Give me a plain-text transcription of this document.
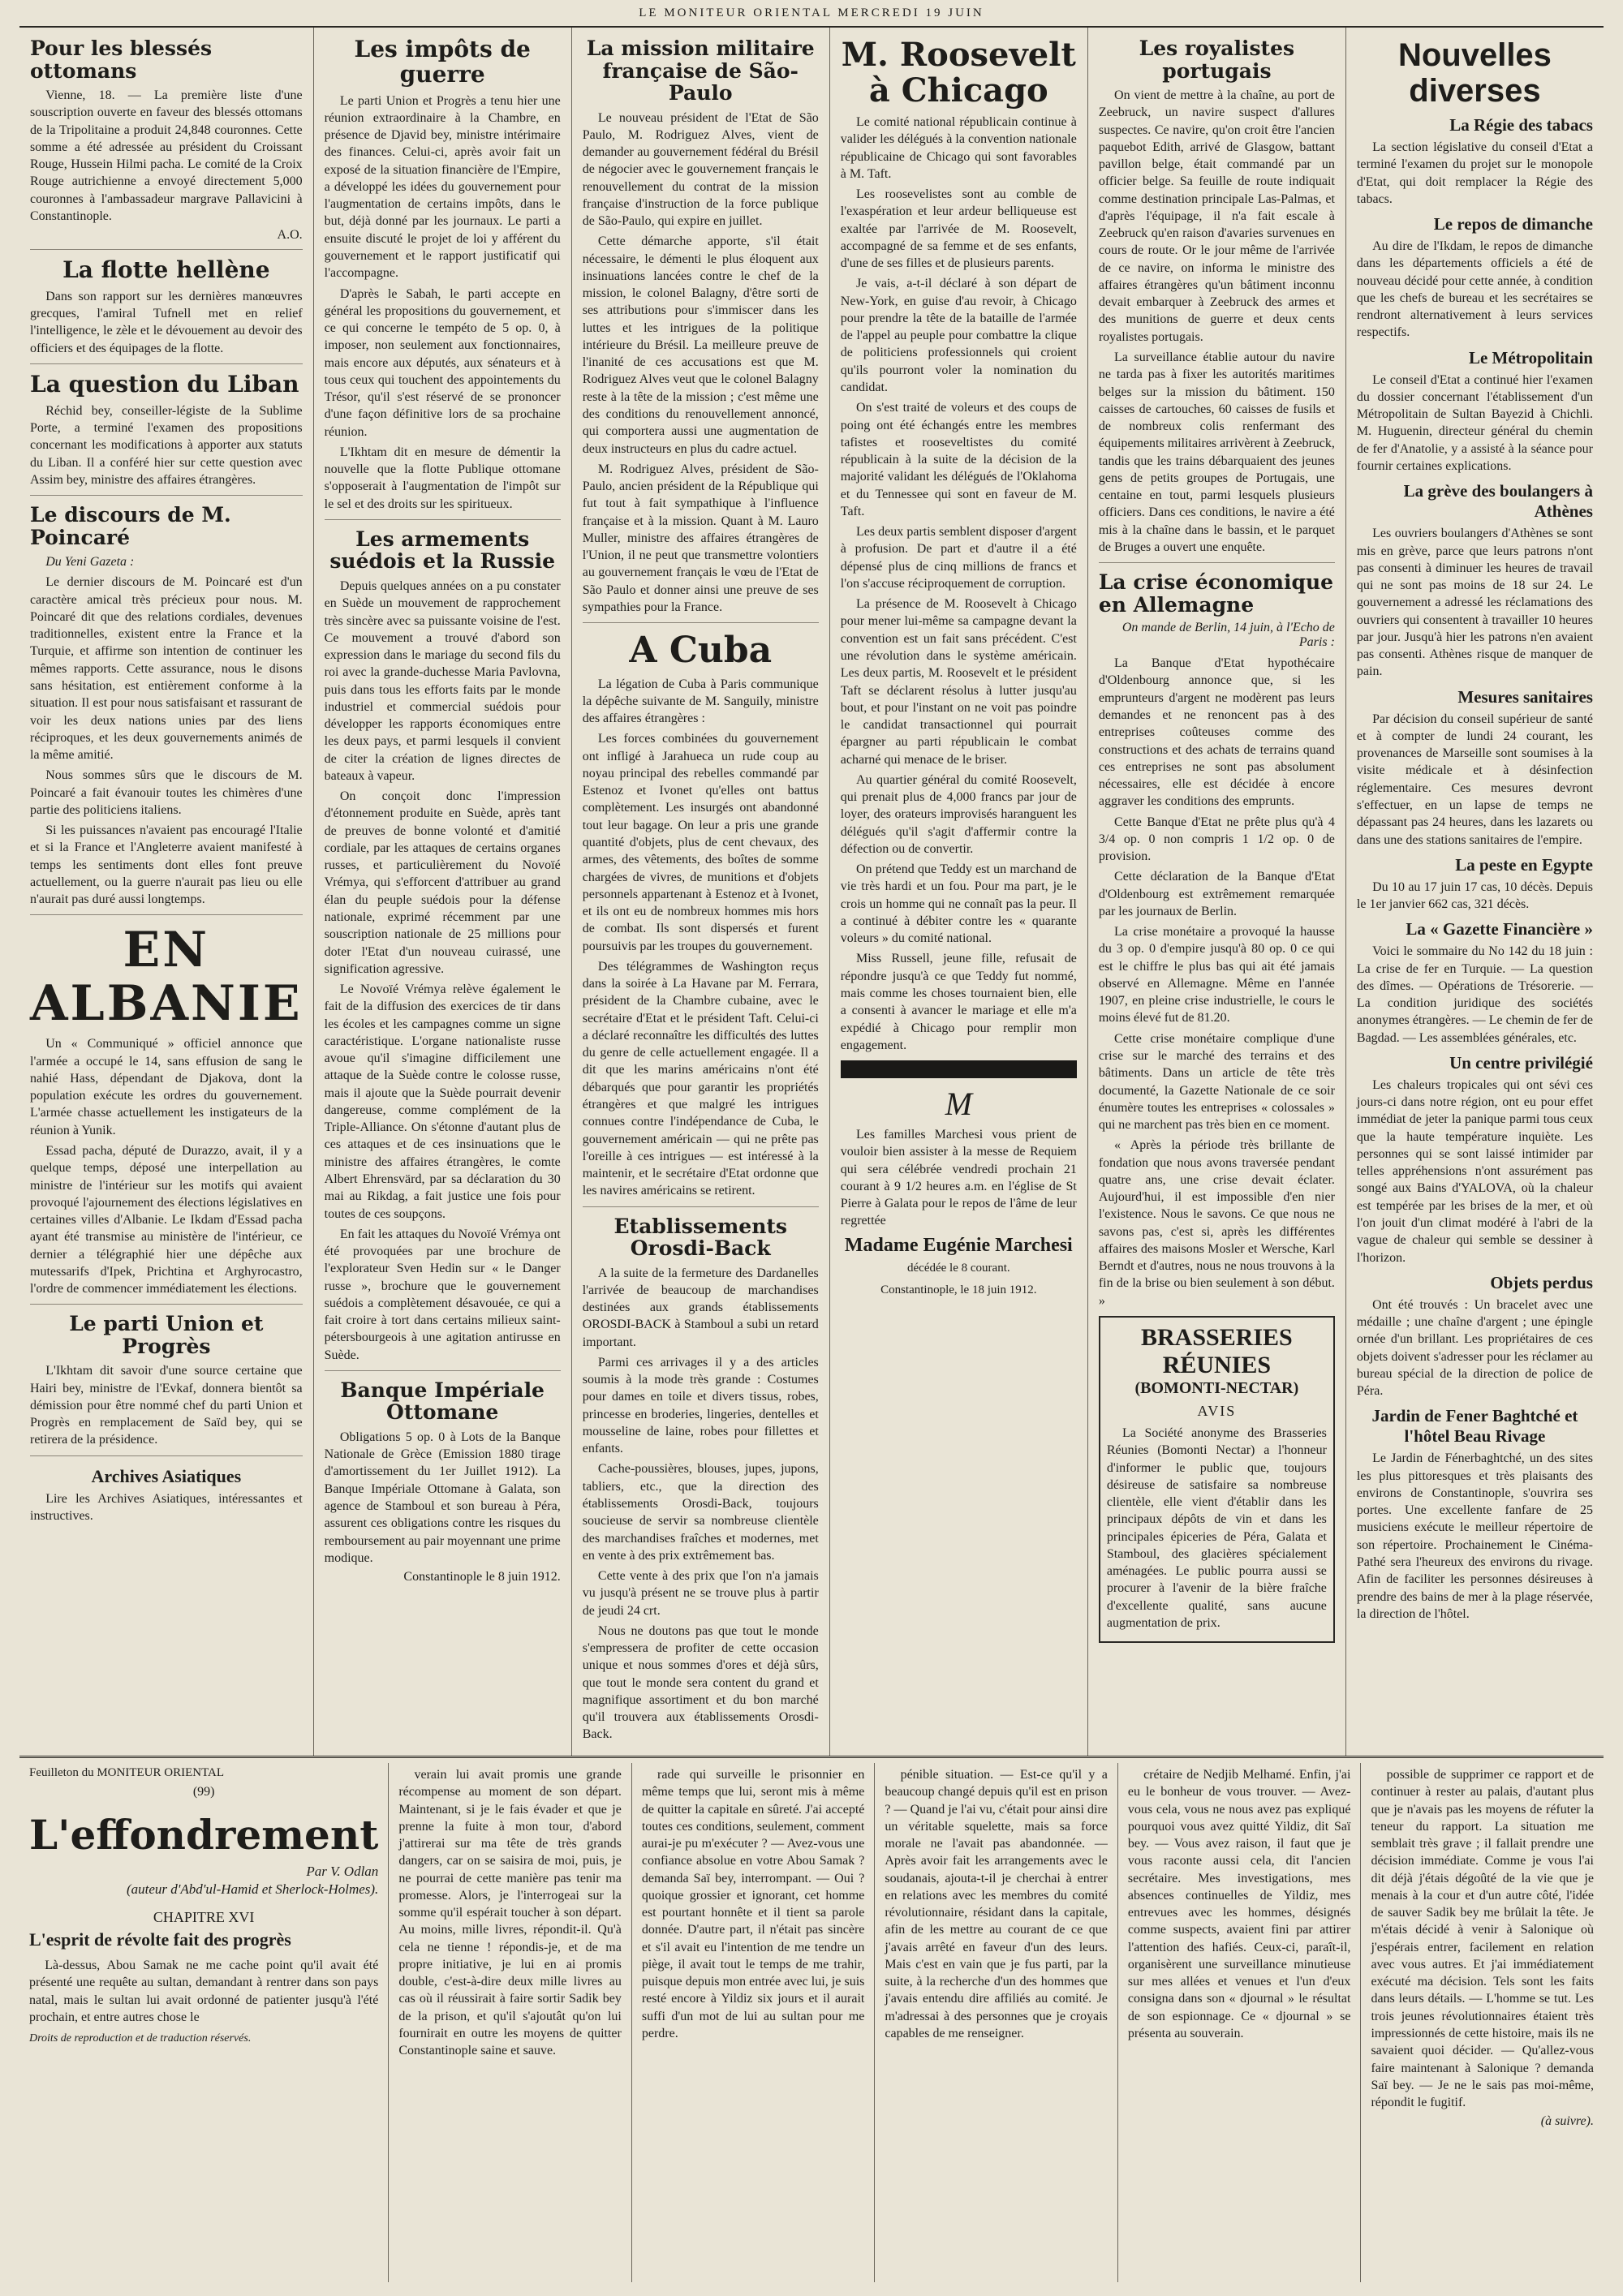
LE MONITEUR ORIENTAL MERCREDI 19 JUIN
Pour les blessés ottomans

Vienne, 18. — La première liste d'une souscription ouverte en faveur des blessés ottomans de la Tripolitaine a produit 24,848 couronnes. Cette somme a été adressée au président du Croissant Rouge, Hussein Hilmi pacha. Le comité de la Croix Rouge autrichienne a envoyé directement 5,000 couronnes à l'ambassadeur margrave Pallavicini à Constantinople.

A.O.
La flotte hellène

Dans son rapport sur les dernières manœuvres grecques, l'amiral Tufnell met en relief l'intelligence, le zèle et le dévouement au devoir des officiers et des équipages de la flotte.

La question du Liban

Réchid bey, conseiller-légiste de la Sublime Porte, a terminé l'examen des propositions concernant les modifications à apporter aux statuts du Liban. Il a conféré hier sur cette question avec Assim bey, ministre des affaires étrangères.

Le discours de M. Poincaré

Du Yeni Gazeta :

Le dernier discours de M. Poincaré est d'un caractère amical très précieux pour nous. M. Poincaré dit que des relations cordiales, devenues traditionnelles, existent entre la France et la Turquie, et affirme son intention de continuer les mêmes rapports. Cette assurance, nous le disons sans hésitation, est entièrement conforme à la situation. Il est pour nous satisfaisant et rassurant de voir les deux nations unies par des liens réciproques, et les deux gouvernements animés de la même amitié.

Nous sommes sûrs que le discours de M. Poincaré a fait évanouir toutes les chimères d'une partie des politiciens italiens.

Si les puissances n'avaient pas encouragé l'Italie et si la France et l'Angleterre avaient manifesté à temps les sentiments dont elles font preuve actuellement, ou la guerre n'aurait pas lieu ou elle n'aurait pas duré aussi longtemps.

EN ALBANIE

Un « Communiqué » officiel annonce que l'armée a occupé le 14, sans effusion de sang le nahié Hass, dépendant de Djakova, dont la population exécute les ordres du gouvernement. L'armée chasse actuellement les instigateurs de la réunion à Yunik.

Essad pacha, député de Durazzo, avait, il y a quelque temps, déposé une interpellation au ministre de l'intérieur sur les motifs qui avaient provoqué l'ajournement des élections législatives en certaines villes d'Albanie. Le Ikdam d'Essad pacha ayant été transmise au ministère de l'intérieur, ce dernier a télégraphié hier une dépêche aux mutessarifs d'Ipek, Prichtina et Arghyrocastro, l'ordre de commencer immédiatement les élections.

Le parti Union et Progrès

L'Ikhtam dit savoir d'une source certaine que Hairi bey, ministre de l'Evkaf, donnera bientôt sa démission pour être nommé chef du parti Union et Progrès en remplacement de Saïd bey, qui se retirera de la présidence.

Archives Asiatiques

Lire les Archives Asiatiques, intéressantes et instructives.

Les impôts de guerre

Le parti Union et Progrès a tenu hier une réunion extraordinaire à la Chambre, en présence de Djavid bey, ministre intérimaire des finances. Celui-ci, après avoir fait un exposé de la situation financière de l'Empire, a développé les idées du gouvernement pour l'augmentation de certains impôts, dans le but, déjà donné par les journaux. Le parti a ensuite discuté le projet de loi y afférent du gouvernement et le rapport justificatif qui l'accompagne.

D'après le Sabah, le parti accepte en général les propositions du gouvernement, et ce qui concerne le tempéto de 5 op. 0, à imposer, non seulement aux fonctionnaires, mais encore aux députés, aux sénateurs et à tous ceux qui touchent des appointements du Trésor, qu'il s'est réservé de se prononcer d'une façon définitive lors de sa prochaine réunion.

L'Ikhtam dit en mesure de démentir la nouvelle que la flotte Publique ottomane s'opposerait à l'augmentation de l'impôt sur le sel et des droits sur les spiritueux.

Les armements suédois et la Russie

Depuis quelques années on a pu constater en Suède un mouvement de rapprochement très sincère avec sa puissante voisine de l'est. Ce mouvement a trouvé d'abord son expression dans le mariage du second fils du roi avec la grande-duchesse Maria Pavlovna, puis dans tous les efforts faits par le monde industriel et commercial suédois pour développer les rapports économiques entre les deux pays, et parmi lesquels il convient de citer la création de lignes directes de bateaux à vapeur.

On conçoit donc l'impression d'étonnement produite en Suède, après tant de preuves de bonne volonté et d'amitié cordiale, par les attaques de certains organes russes, et particulièrement du Novoïé Vrémya, qui s'efforcent d'attribuer au grand élan du peuple suédois pour la défense nationale, exprimé récemment par une souscription nationale de 25 millions pour doter l'Etat d'un nouveau cuirassé, une signification agressive.

Le Novoïé Vrémya relève également le fait de la diffusion des exercices de tir dans les écoles et les campagnes comme un signe caractéristique. L'organe nationaliste russe avoue qu'il s'imagine difficilement une attaque de la Suède contre le colosse russe, mais il ajoute que la Suède pourrait devenir dangereuse, comme complément de la Triple-Alliance. On s'étonne d'autant plus de ces attaques et de ces insinuations que le ministre des affaires étrangères, le comte Albert Ehrensvärd, par sa déclaration du 30 mai au Rikdag, a fait justice une fois pour toutes de ces soupçons.

En fait les attaques du Novoïé Vrémya ont été provoquées par une brochure de l'explorateur Sven Hedin sur « le Danger russe », brochure que le gouvernement suédois a complètement désavouée, ce qui a fait croire à tort dans certains milieux saint-pétersbourgeois à une agitation antirusse en Suède.

Banque Impériale Ottomane

Obligations 5 op. 0 à Lots de la Banque Nationale de Grèce (Emission 1880 tirage d'amortissement du 1er Juillet 1912). La Banque Impériale Ottomane à Galata, son agence de Stamboul et son bureau à Péra, assurent ces obligations contre les risques du remboursement au pair moyennant une prime modique.

Constantinople le 8 juin 1912.
La mission militaire française de São-Paulo

Le nouveau président de l'Etat de São Paulo, M. Rodriguez Alves, vient de demander au gouvernement fédéral du Brésil de négocier avec le gouvernement français le renouvellement du contrat de la mission française d'instruction de la force publique de São-Paulo, qui expire en juillet.

Cette démarche apporte, s'il était nécessaire, le démenti le plus éloquent aux insinuations lancées contre le chef de la mission, le colonel Balagny, d'être sorti de ses attributions pour s'immiscer dans les luttes et les intrigues de la politique intérieure du Brésil. La meilleure preuve de l'inanité de ces accusations est que M. Rodriguez Alves veut que le colonel Balagny reste à la tête de la mission ; c'est même une des conditions du renouvellement annoncé, qui comportera aussi une augmentation de deux instructeurs en plus du cadre actuel.

M. Rodriguez Alves, président de São-Paulo, ancien président de la République qui fut tout à fait sympathique à l'influence française et à la mission. Quant à M. Lauro Muller, ministre des affaires étrangères de l'Union, il ne peut que transmettre volontiers au gouvernement français le vœu de l'Etat de São Paulo et donner ainsi une preuve de ses sympathies pour la France.

A Cuba

La légation de Cuba à Paris communique la dépêche suivante de M. Sanguily, ministre des affaires étrangères :

Les forces combinées du gouvernement ont infligé à Jarahueca un rude coup au noyau principal des rebelles commandé par Estenoz et Ivonet qu'elles ont battus complètement. Les insurgés ont abandonné tout leur bagage. On leur a pris une grande quantité d'objets, plus de cent chevaux, des armes, des vêtements, des boîtes de somme chargées de vivres, de munitions et d'objets personnels appartenant à Estenoz et à Ivonet, et ils ont eu de nombreux hommes mis hors de combat. Ils sont dispersés et furent poursuivis par les troupes du gouvernement.

Des télégrammes de Washington reçus dans la soirée à La Havane par M. Ferrara, président de la Chambre cubaine, avec le secrétaire d'Etat et le président Taft. Celui-ci a déclaré reconnaître les difficultés des luttes du genre de celle actuellement engagée. Il a dit que les marins américains n'ont été débarqués que pour garantir les propriétés étrangères et que malgré les intrigues connues contre l'indépendance de Cuba, le gouvernement américain — qui ne prête pas l'oreille à ces intrigues — est intéressé à la maintenir, et le secrétaire d'Etat ordonne que les navires américains se retirent.

Etablissements Orosdi-Back

A la suite de la fermeture des Dardanelles l'arrivée de beaucoup de marchandises destinées aux grands établissements OROSDI-BACK à Stamboul a subi un retard important.

Parmi ces arrivages il y a des articles soumis à la mode très grande : Costumes pour dames en toile et divers tissus, robes, princesse en broderies, lingeries, dentelles et mousseline de laine, robes pour fillettes et enfants.

Cache-poussières, blouses, jupes, jupons, tabliers, etc., que la direction des établissements Orosdi-Back, toujours soucieuse de servir sa nombreuse clientèle des marchandises fraîches et modernes, met en vente à des prix extrêmement bas.

Cette vente à des prix que l'on n'a jamais vu jusqu'à présent ne se trouve plus à partir de jeudi 24 crt.

Nous ne doutons pas que tout le monde s'empressera de profiter de cette occasion unique et nous sommes d'ores et déjà sûrs, que tout le monde sera content du grand et magnifique assortiment et du bon marché qu'il trouvera aux établissements Orosdi-Back.

M. Roosevelt à Chicago

Le comité national républicain continue à valider les délégués à la convention nationale républicaine de Chicago qui sont favorables à M. Taft.

Les roosevelistes sont au comble de l'exaspération et leur ardeur belliqueuse est exaltée par l'arrivée de M. Roosevelt, accompagné de sa femme et de ses enfants, d'une de ses filles et de plusieurs parents.

Je vais, a-t-il déclaré à son départ de New-York, en guise d'au revoir, à Chicago pour prendre la tête de la bataille de l'armée de l'appel au peuple pour combattre la clique de politiciens professionnels qui croient qu'ils pourront voler la nomination du candidat.

On s'est traité de voleurs et des coups de poing ont été échangés entre les membres tafistes et rooseveltistes du comité républicain à la suite de la décision de la majorité validant les délégués de l'Oklahoma et du Tennessee qui sont en faveur de M. Taft.

Les deux partis semblent disposer d'argent à profusion. De part et d'autre il a été dépensé plus de cinq millions de francs et l'on s'accuse réciproquement de corruption.

La présence de M. Roosevelt à Chicago pour mener lui-même sa campagne devant la convention est un fait sans précédent. C'est une révolution dans le système américain. Les deux partis, M. Roosevelt et le président Taft se déclarent résolus à lutter jusqu'au bout, et pour l'instant on ne voit pas poindre le candidat transactionnel qui pourrait épargner au parti républicain le combat acharné qui menace de le briser.

Au quartier général du comité Roosevelt, qui prenait plus de 4,000 francs par jour de loyer, des orateurs improvisés haranguent les délégués qu'il s'agit d'affermir contre la défection ou de convertir.

On prétend que Teddy est un marchand de vie très hardi et un fou. Pour ma part, je le crois un homme qui ne connaît pas la peur. Il a continué à débiter contre les « quarante voleurs » du comité national.

Miss Russell, jeune fille, refusait de répondre jusqu'à ce que Teddy fut nommé, mais comme les choses tournaient bien, elle a consenti à avancer le mariage et elle m'a expédié à Chicago pour remplir mon engagement.

M

Les familles Marchesi vous prient de vouloir bien assister à la messe de Requiem qui sera célébrée vendredi prochain 21 courant à 9 1/2 heures a.m. en l'église de St Pierre à Galata pour le repos de l'âme de leur regrettée

Madame Eugénie Marchesi
décédée le 8 courant.
Constantinople, le 18 juin 1912.
Les royalistes portugais

On vient de mettre à la chaîne, au port de Zeebruck, un navire suspect d'allures suspectes. Ce navire, qu'on croit être l'ancien paquebot Edith, arrivé de Glasgow, battant pavillon belge, était commandé par un officier belge. Sa feuille de route indiquait comme destination principale Las-Palmas, et d'après l'équipage, il n'a fait escale à Zeebruck qu'en raison d'avaries survenues en cours de route. Or le jour même de l'arrivée de ce navire, on informa le ministre des affaires étrangères qu'un bâtiment inconnu devait embarquer à Zeebruck des armes et des munitions de guerre et deux cents royalistes portugais.

La surveillance établie autour du navire ne tarda pas à fixer les autorités maritimes belges sur la mission du bâtiment. 150 caisses de cartouches, 60 caisses de fusils et de nombreux colis renfermant des équipements militaires arrivèrent à Zeebruck, tandis que les trains débarquaient des jeunes gens de petits groupes de Portugais, une centaine en tout, parmi lesquels plusieurs officiers. Dans ces conditions, le navire a été mis à la chaîne dans le bassin, et le parquet de Bruges a ouvert une enquête.

La crise économique en Allemagne
On mande de Berlin, 14 juin, à l'Echo de Paris :

La Banque d'Etat hypothécaire d'Oldenbourg annonce que, si les emprunteurs d'argent ne modèrent pas leurs demandes et ne renoncent pas à des entreprises coûteuses comme des constructions et des achats de terrains quand ces entreprises ne sont pas absolument nécessaires, elle est décidée à encore aggraver les conditions des emprunts.

Cette Banque d'Etat ne prête plus qu'à 4 3/4 op. 0 non compris 1 1/2 op. 0 de provision.

Cette déclaration de la Banque d'Etat d'Oldenbourg est extrêmement remarquée par les journaux de Berlin.

La crise monétaire a provoqué la hausse du 3 op. 0 d'empire jusqu'à 80 op. 0 ce qui est le chiffre le plus bas qui ait été jamais observé en Allemagne. Même en l'année 1907, en pleine crise industrielle, le cours le moins élevé fut de 81.20.

Cette crise monétaire complique d'une crise sur le marché des terrains et des bâtiments. Dans un article de tête très documenté, la Gazette Nationale de ce soir énumère toutes les entreprises « colossales » qui ne marchent pas très bien en ce moment.

« Après la période très brillante de fondation que nous avons traversée pendant quatre ans, une crise devait éclater. Aujourd'hui, il est impossible d'en nier l'existence. Nous le savons. Ce que nous ne savons pas, c'est si, après les différentes affaires des maisons Mosler et Wersche, Karl Berndt et d'autres, nous ne nous trouvons à la fin de la brise ou bien seulement à son début. »

BRASSERIES RÉUNIES
(BOMONTI-NECTAR)
AVIS

La Société anonyme des Brasseries Réunies (Bomonti Nectar) a l'honneur d'informer le public que, toujours désireuse de satisfaire sa nombreuse clientèle, elle vient d'établir dans les principaux dépôts de vin et dans les principales épiceries de Péra, Galata et Stamboul, des glacières spécialement aménagées. Le public pourra aussi se procurer à l'avenir de la bière fraîche d'excellente qualité, sans aucune augmentation de prix.

Nouvelles diverses
La Régie des tabacs

La section législative du conseil d'Etat a terminé l'examen du projet sur le monopole d'Etat, qui doit remplacer la Régie des tabacs.

Le repos de dimanche

Au dire de l'Ikdam, le repos de dimanche dans les départements officiels a été de nouveau décidé pour cette année, à condition que les chefs de bureau et les secrétaires se rendront alternativement à leurs services respectifs.

Le Métropolitain

Le conseil d'Etat a continué hier l'examen du dossier concernant l'établissement d'un Métropolitain de Sultan Bayezid à Chichli. M. Huguenin, directeur général du chemin de fer d'Anatolie, y a assisté à la séance pour fournir certaines explications.

La grève des boulangers à Athènes

Les ouvriers boulangers d'Athènes se sont mis en grève, parce que leurs patrons n'ont pas consenti à diminuer les heures de travail qui ne sont pas moins de 18 sur 24. Le gouvernement a adressé les réclamations des ouvriers qui consentent à travailler 10 heures par jour. Jusqu'à hier les patrons n'en avaient pas consenti. Athènes risque de manquer de pain.

Mesures sanitaires

Par décision du conseil supérieur de santé et à compter de lundi 24 courant, les provenances de Marseille sont soumises à la visite médicale et à désinfection réglementaire. Ces mesures devront s'effectuer, en un lapse de temps ne dépassant pas 24 heures, dans les lazarets ou dans une des stations sanitaires de l'empire.

La peste en Egypte

Du 10 au 17 juin 17 cas, 10 décès. Depuis le 1er janvier 662 cas, 321 décès.

La « Gazette Financière »

Voici le sommaire du No 142 du 18 juin : La crise de fer en Turquie. — La question des dîmes. — Opérations de Trésorerie. — La condition juridique des sociétés anonymes étrangères. — Le chemin de fer de Bagdad. — Les assemblées générales, etc.

Un centre privilégié

Les chaleurs tropicales qui ont sévi ces jours-ci dans notre région, ont eu pour effet immédiat de jeter la panique parmi tous ceux que la haute température inquiète. Les personnes qui se sont laissé intimider par telles appréhensions n'ont assurément pas songé aux Bains d'YALOVA, où la chaleur est tempérée par les brises de la mer, et où l'on jouit d'un climat modéré à l'abri de la vague de chaleur qui semble se dessiner à l'horizon.

Objets perdus

Ont été trouvés : Un bracelet avec une médaille ; une chaîne d'argent ; une épingle ornée d'un brillant. Les propriétaires de ces objets doivent s'adresser pour les réclamer au bureau spécial de la direction de police de Péra.

Jardin de Fener Baghtché et l'hôtel Beau Rivage

Le Jardin de Fénerbaghtché, un des sites les plus pittoresques et très plaisants des environs de Constantinople, s'ouvrira ses portes. Une excellente fanfare de 25 musiciens exécute le meilleur répertoire de son répertoire. Prochainement le Cinéma-Pathé sera l'heureux des environs du rivage. Afin de faciliter les personnes désireuses à prendre des bains de mer à la plage réservée, la direction de l'hôtel.

Feuilleton du MONITEUR ORIENTAL
(99)
L'effondrement
Par V. Odlan
(auteur d'Abd'ul-Hamid et Sherlock-Holmes).
CHAPITRE XVI
L'esprit de révolte fait des progrès

Là-dessus, Abou Samak ne me cache point qu'il avait été présenté une requête au sultan, demandant à rentrer dans son pays natal, mais le sultan lui avait ordonné de patienter jusqu'à l'été prochain, et entre autres chose le

Droits de reproduction et de traduction réservés.

verain lui avait promis une grande récompense au moment de son départ. Maintenant, si je le fais évader et que je prenne la fuite à mon tour, d'abord j'attirerai sur ma tête de très grands dangers, car on se saisira de moi, puis, je ne pourrai de cette manière pas tenir ma promesse. Alors, je l'interrogeai sur la somme qu'il espérait toucher à son départ. Au moins, mille livres, répondit-il. Qu'à cela ne tienne ! répondis-je, et de ma propre initiative, je lui en ai promis double, c'est-à-dire deux mille livres au cas où il réussirait à faire sortir Sadik bey de la prison, et qu'il s'ajoutât qu'on lui fournirait en outre les moyens de quitter Constantinople saine et sauve.

rade qui surveille le prisonnier en même temps que lui, seront mis à même de quitter la capitale en sûreté. J'ai accepté toutes ces conditions, seulement, comment aurai-je pu m'exécuter ? — Avez-vous une confiance absolue en votre Abou Samak ? demanda Saï bey, interrompant. — Oui ? quoique grossier et ignorant, cet homme est pourtant honnête et il tient sa parole donnée. D'autre part, il n'était pas sincère et s'il avait eu l'intention de me tendre un piège, il avait tout le temps de me trahir, puisque depuis mon entrée avec lui, je suis resté encore à Yildiz six jours et il aurait suffi d'un mot de lui au sultan pour me perdre.

pénible situation. — Est-ce qu'il y a beaucoup changé depuis qu'il est en prison ? — Quand je l'ai vu, c'était pour ainsi dire un véritable squelette, mais sa force morale ne l'avait pas abandonnée. — Après avoir fait les arrangements avec le soudanais, ajouta-t-il je cherchai à entrer en relations avec les membres du comité révolutionnaire, résidant dans la capitale, afin de les mettre au courant de ce que j'avais arrêté en faveur d'un des leurs. Mais c'est en vain que je fus parti, par la suite, à la recherche d'un des hommes que j'avais entendu dire affiliés au comité. Je m'adressai à des personnes que je croyais capables de me renseigner.

crétaire de Nedjib Melhamé. Enfin, j'ai eu le bonheur de vous trouver. — Avez-vous cela, vous ne nous avez pas expliqué pourquoi vous avez quitté Yildiz, dit Saï bey. — Vous avez raison, il faut que je vous raconte aussi cela, dit l'ancien secrétaire. Mes investigations, mes absences continuelles de Yildiz, mes entrevues avec les hommes, désignés comme suspects, avaient fini par attirer l'attention des hafiés. Ceux-ci, paraît-il, organisèrent une surveillance minutieuse sur mes allées et venues et l'un d'eux consigna dans son « djournal » le résultat de son espionnage. Ce « djournal » se présenta au souverain.

possible de supprimer ce rapport et de continuer à rester au palais, d'autant plus que je n'avais pas les moyens de réfuter la teneur du rapport. La situation me semblait très grave ; il fallait prendre une décision immédiate. Comme je vous l'ai dit déjà j'étais dégoûté de la vie que je menais à la cour et d'un autre côté, l'idée de sauver Sadik bey me brûlait la tête. Je m'étais décidé à venir à Salonique où j'espérais entrer, facilement en relation avec vous autres. Et j'ai immédiatement exécuté ma décision. Tels sont les faits dans leurs détails. — L'homme se tut. Les trois jeunes révolutionnaires étaient très impressionnés de cette histoire, mais ils ne savaient quoi décider. — Qu'allez-vous faire maintenant à Salonique ? demanda Saï bey. — Je ne le sais pas moi-même, répondit le fugitif.

(à suivre).
